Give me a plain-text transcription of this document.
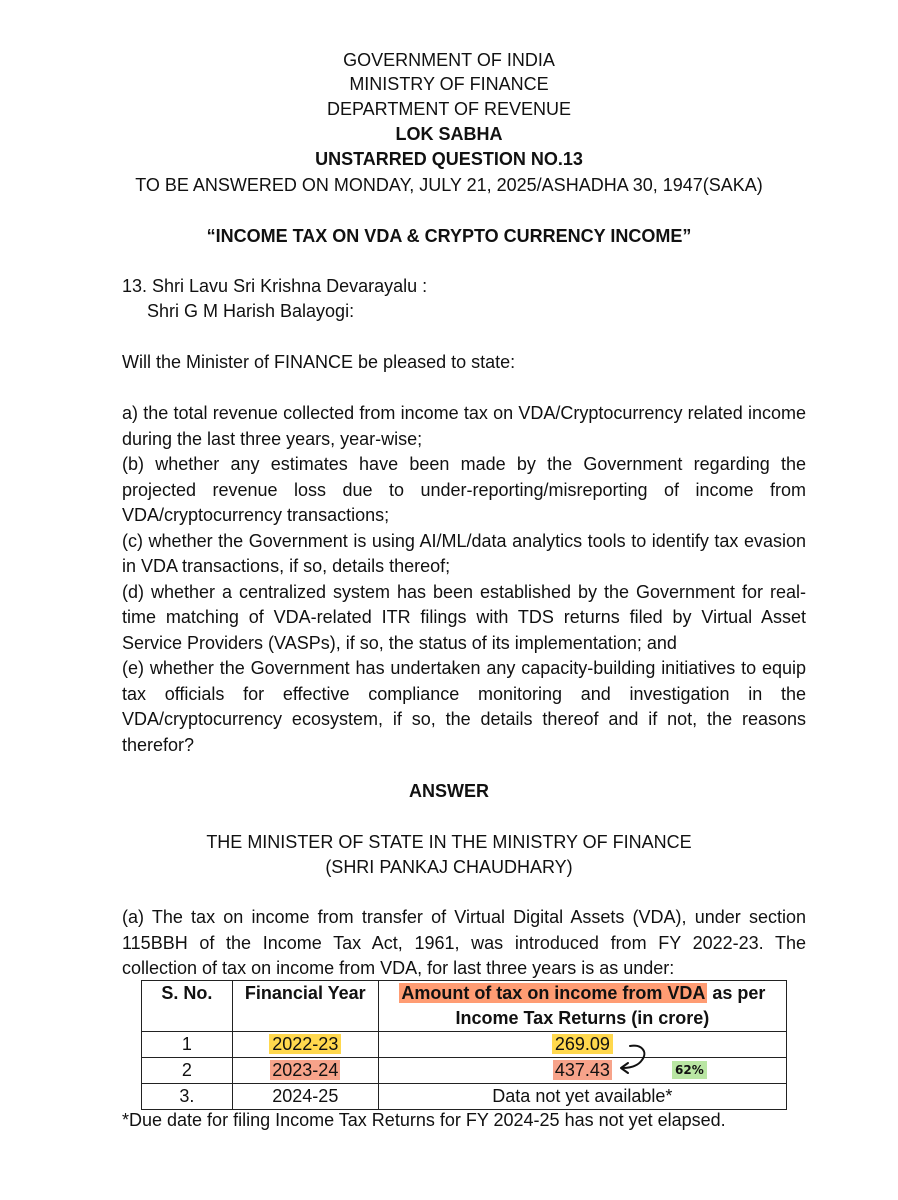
GOVERNMENT OF INDIA
MINISTRY OF FINANCE
DEPARTMENT OF REVENUE
LOK SABHA
UNSTARRED QUESTION NO.13
TO BE ANSWERED ON MONDAY, JULY 21, 2025/ASHADHA 30, 1947(SAKA)
“INCOME TAX ON VDA & CRYPTO CURRENCY INCOME”
13. Shri Lavu Sri Krishna Devarayalu :
Shri G M Harish Balayogi:
Will the Minister of FINANCE be pleased to state:
a) the total revenue collected from income tax on VDA/Cryptocurrency related income during the last three years, year-wise;
(b) whether any estimates have been made by the Government regarding the projected revenue loss due to under-reporting/misreporting of income from VDA/cryptocurrency transactions;
(c) whether the Government is using AI/ML/data analytics tools to identify tax evasion in VDA transactions, if so, details thereof;
(d) whether a centralized system has been established by the Government for real-time matching of VDA-related ITR filings with TDS returns filed by Virtual Asset Service Providers (VASPs), if so, the status of its implementation; and
(e) whether the Government has undertaken any capacity-building initiatives to equip tax officials for effective compliance monitoring and investigation in the VDA/cryptocurrency ecosystem, if so, the details thereof and if not, the reasons therefor?
ANSWER
THE MINISTER OF STATE IN THE MINISTRY OF FINANCE
(SHRI PANKAJ CHAUDHARY)
(a) The tax on income from transfer of Virtual Digital Assets (VDA), under section 115BBH of the Income Tax Act, 1961, was introduced from FY 2022-23. The collection of tax on income from VDA, for last three years is as under:
S. No.	Financial Year	Amount of tax on income from VDA as per
Income Tax Returns (in crore)
1	2022-23	269.09
2	2023-24	437.43
3.	2024-25	Data not yet available*
62%
*Due date for filing Income Tax Returns for FY 2024-25 has not yet elapsed.
